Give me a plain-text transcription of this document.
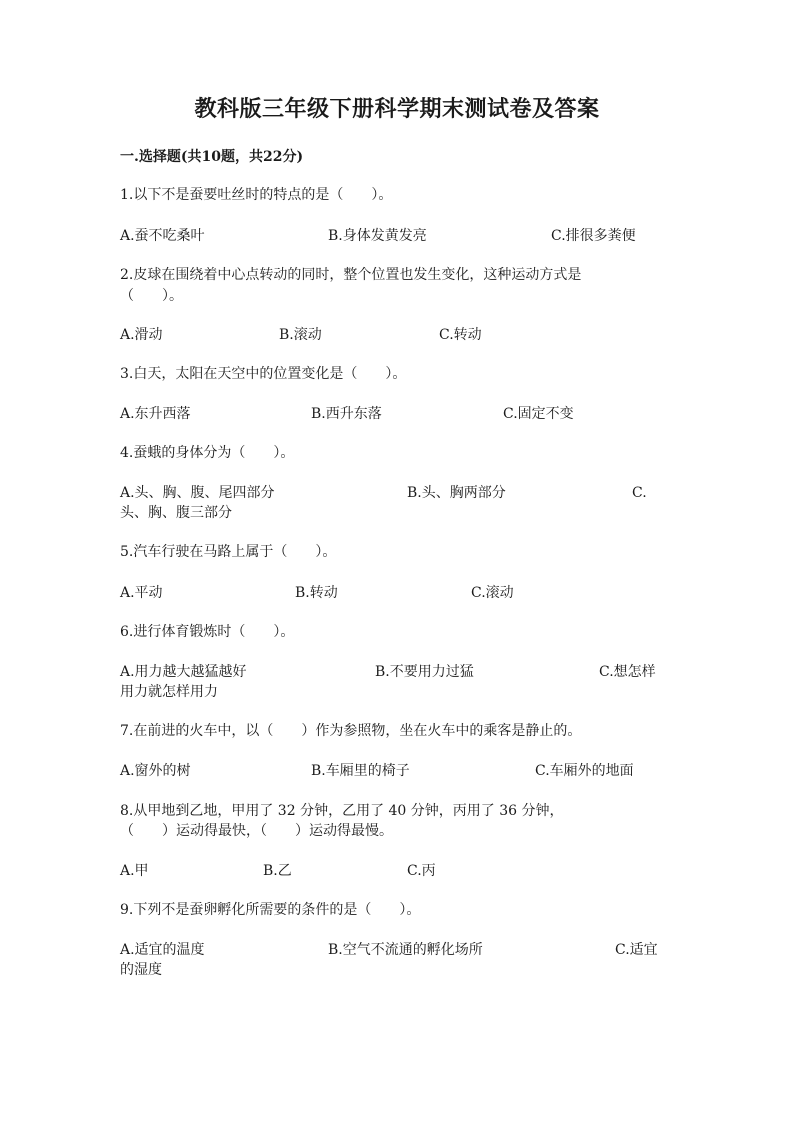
教科版三年级下册科学期末测试卷及答案
一.选择题(共10题，共22分)
1.以下不是蚕要吐丝时的特点的是（　　）。
A.蚕不吃桑叶	B.身体发黄发亮	C.排很多粪便
2.皮球在围绕着中心点转动的同时，整个位置也发生变化，这种运动方式是
（　　）。
A.滑动	B.滚动	C.转动
3.白天，太阳在天空中的位置变化是（　　）。
A.东升西落	B.西升东落	C.固定不变
4.蚕蛾的身体分为（　　）。
A.头、胸、腹、尾四部分	B.头、胸两部分	C.
头、胸、腹三部分
5.汽车行驶在马路上属于（　　）。
A.平动	B.转动	C.滚动
6.进行体育锻炼时（　　）。
A.用力越大越猛越好	B.不要用力过猛	C.想怎样
用力就怎样用力
7.在前进的火车中，以（　　）作为参照物，坐在火车中的乘客是静止的。
A.窗外的树	B.车厢里的椅子	C.车厢外的地面
8.从甲地到乙地，甲用了 32 分钟，乙用了 40 分钟，丙用了 36 分钟，
（　　）运动得最快，（　　）运动得最慢。
A.甲	B.乙	C.丙
9.下列不是蚕卵孵化所需要的条件的是（　　）。
A.适宜的温度	B.空气不流通的孵化场所	C.适宜
的湿度
